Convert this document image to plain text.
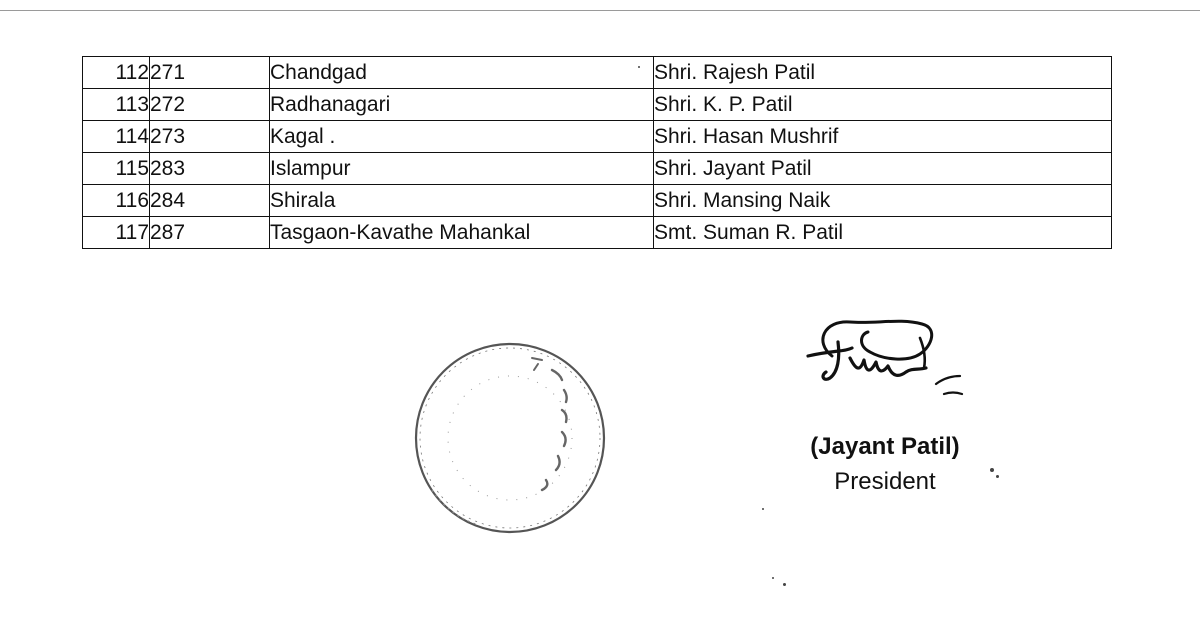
112	271	Chandgad	Shri. Rajesh Patil
113	272	Radhanagari	Shri. K. P. Patil
114	273	Kagal .	Shri. Hasan Mushrif
115	283	Islampur	Shri. Jayant Patil
116	284	Shirala	Shri. Mansing Naik
117	287	Tasgaon-Kavathe Mahankal	Smt. Suman R. Patil
(Jayant Patil)
President
